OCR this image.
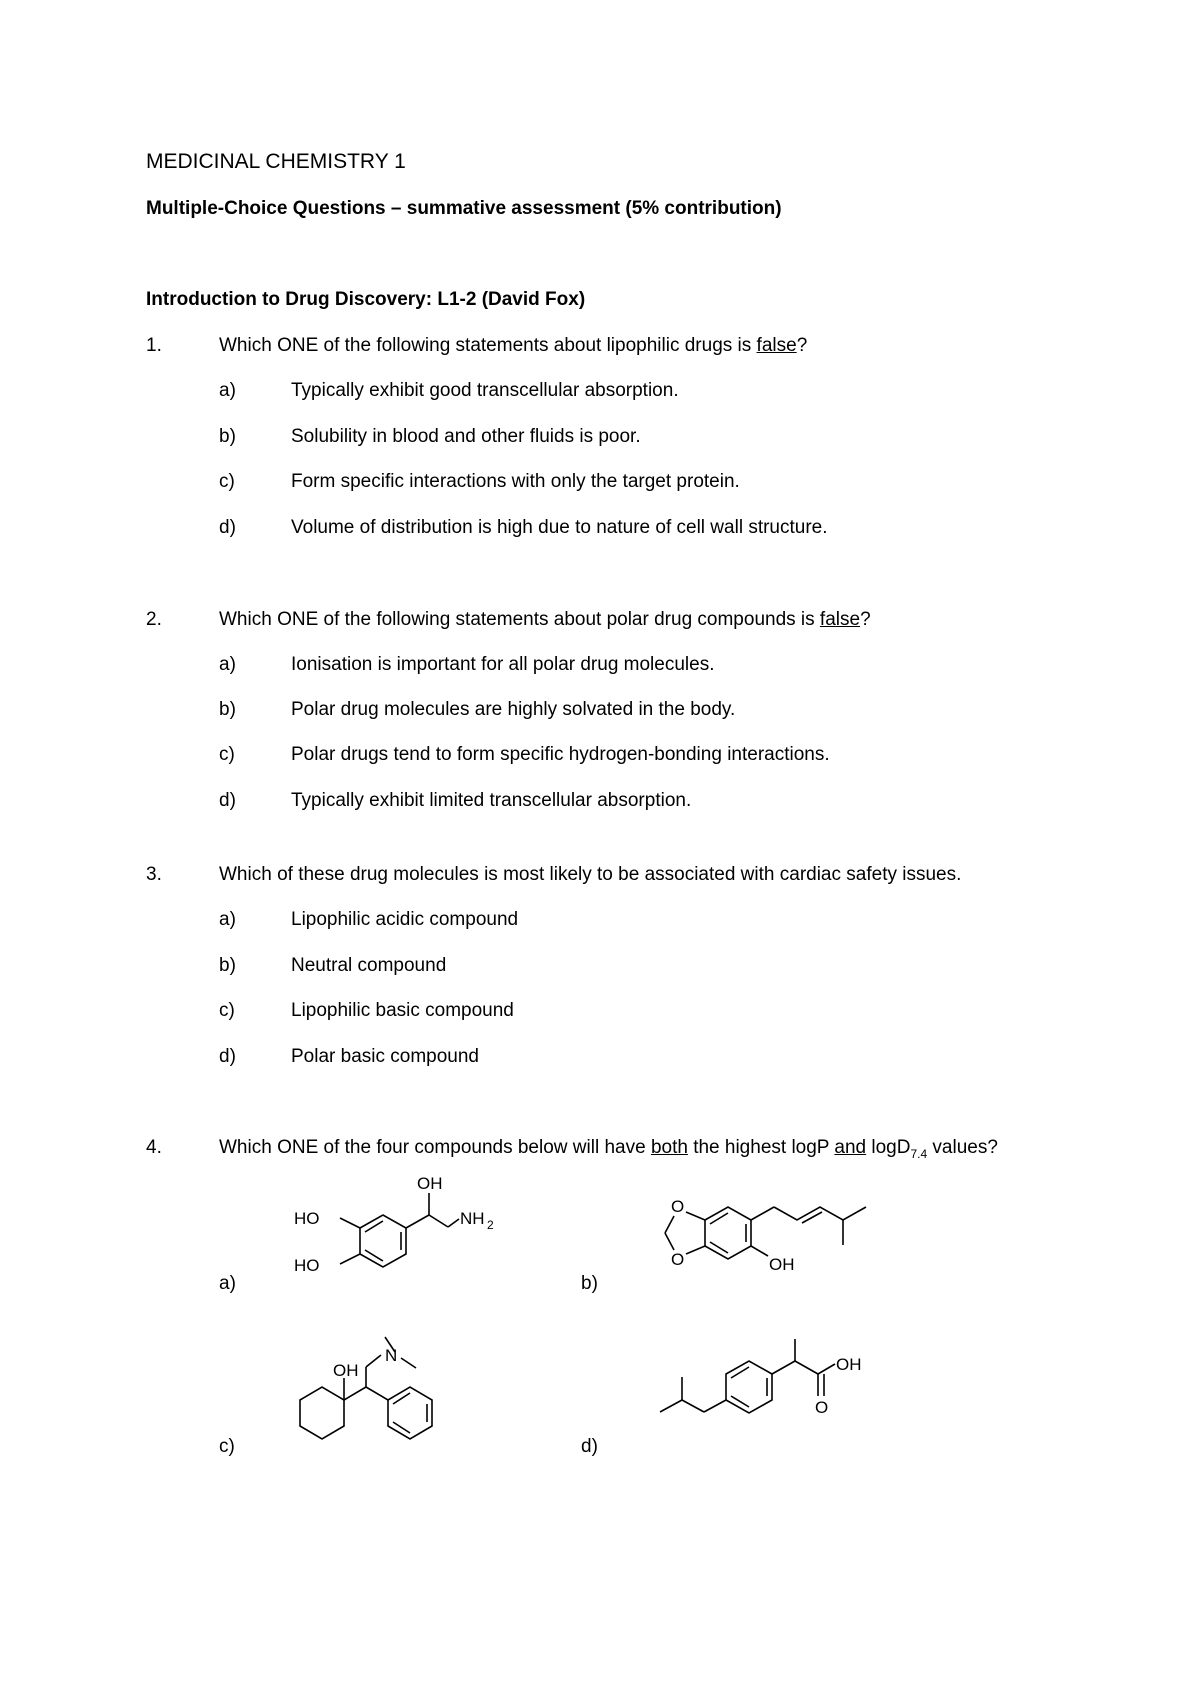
MEDICINAL CHEMISTRY 1
Multiple-Choice Questions – summative assessment (5% contribution)
Introduction to Drug Discovery: L1-2 (David Fox)
1.	Which ONE of the following statements about lipophilic drugs is false?
a)	Typically exhibit good transcellular absorption.
b)	Solubility in blood and other fluids is poor.
c)	Form specific interactions with only the target protein.
d)	Volume of distribution is high due to nature of cell wall structure.
2.	Which ONE of the following statements about polar drug compounds is false?
a)	Ionisation is important for all polar drug molecules.
b)	Polar drug molecules are highly solvated in the body.
c)	Polar drugs tend to form specific hydrogen-bonding interactions.
d)	Typically exhibit limited transcellular absorption.
3.	Which of these drug molecules is most likely to be associated with cardiac safety issues.
a)	Lipophilic acidic compound
b)	Neutral compound
c)	Lipophilic basic compound
d)	Polar basic compound
4.	Which ONE of the four compounds below will have both the highest logP and logD$_{7.4}$ values?
a)	b)
c)	d)
HO
HO
OH
NH 2
O
O	OH
N
OH	OH
O
